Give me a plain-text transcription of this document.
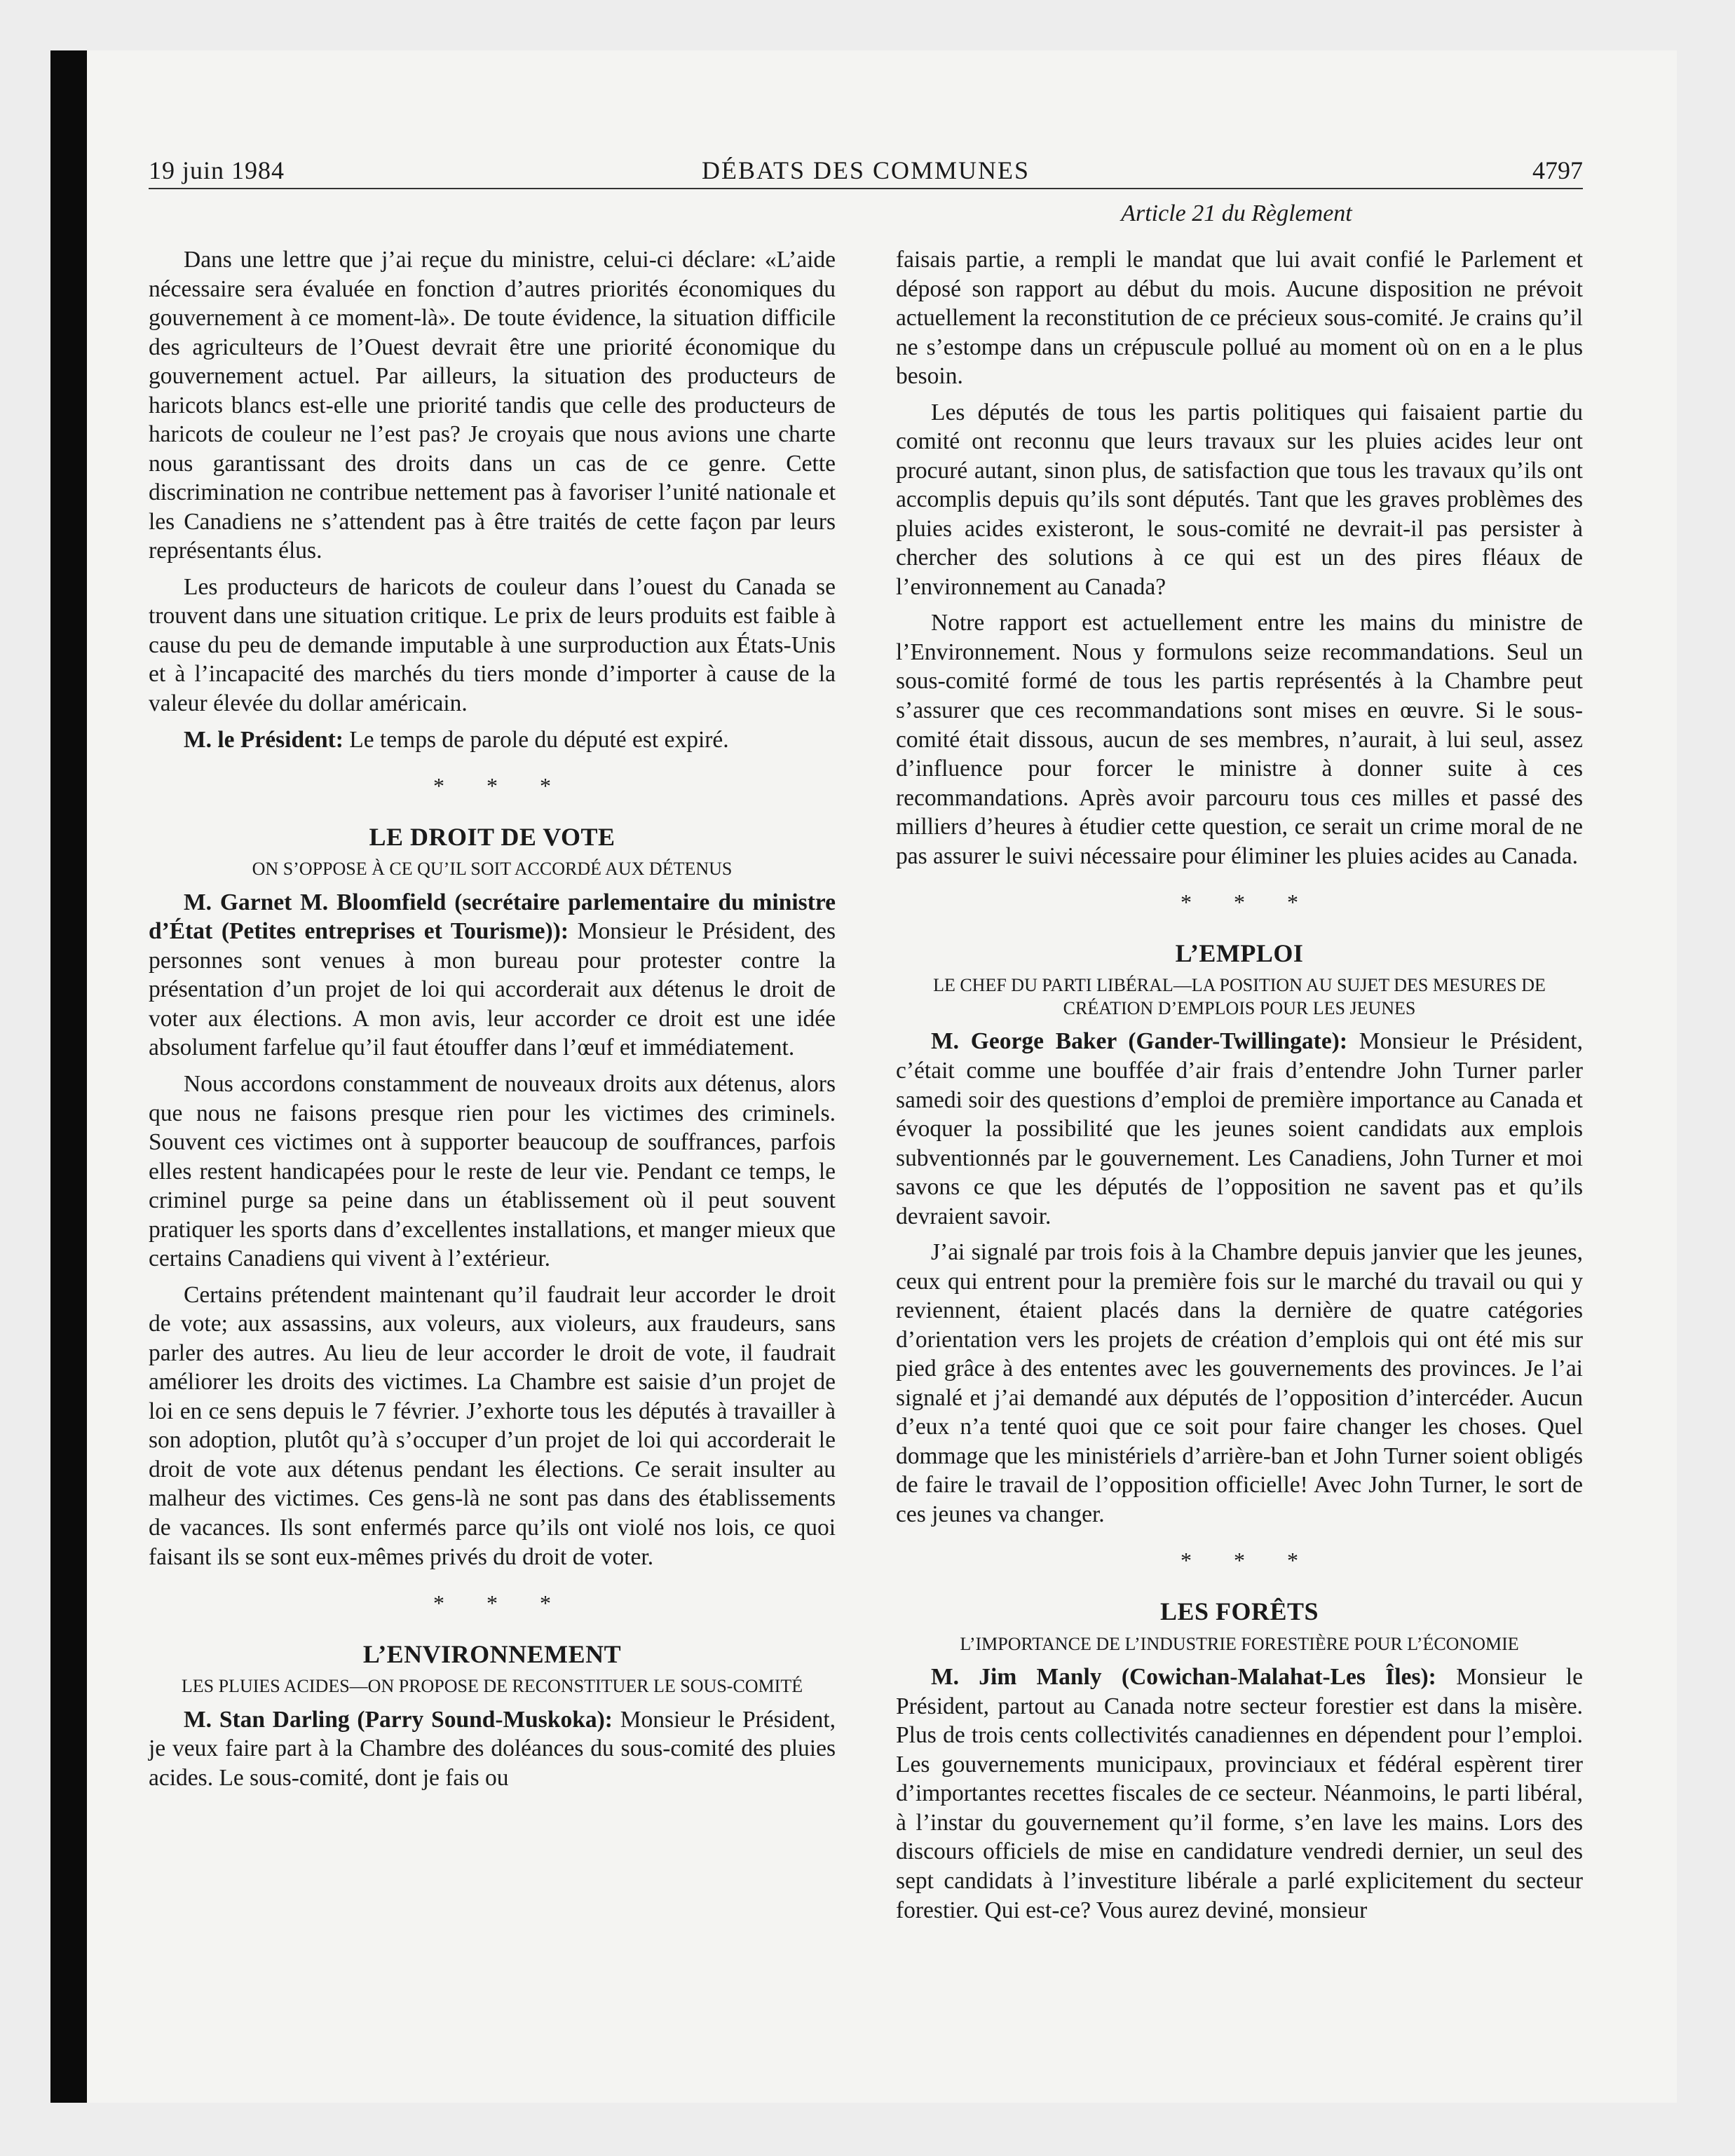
19 juin 1984	DÉBATS DES COMMUNES	4797
Article 21 du Règlement

Dans une lettre que j’ai reçue du ministre, celui-ci déclare: «L’aide nécessaire sera évaluée en fonction d’autres priorités économiques du gouvernement à ce moment-là». De toute évidence, la situation difficile des agriculteurs de l’Ouest devrait être une priorité économique du gouvernement actuel. Par ailleurs, la situation des producteurs de haricots blancs est-elle une priorité tandis que celle des producteurs de haricots de couleur ne l’est pas? Je croyais que nous avions une charte nous garantissant des droits dans un cas de ce genre. Cette discrimination ne contribue nettement pas à favoriser l’unité nationale et les Canadiens ne s’attendent pas à être traités de cette façon par leurs représentants élus.

Les producteurs de haricots de couleur dans l’ouest du Canada se trouvent dans une situation critique. Le prix de leurs produits est faible à cause du peu de demande imputable à une surproduction aux États-Unis et à l’incapacité des marchés du tiers monde d’importer à cause de la valeur élevée du dollar américain.

M. le Président: Le temps de parole du député est expiré.

* * *
LE DROIT DE VOTE
ON S’OPPOSE À CE QU’IL SOIT ACCORDÉ AUX DÉTENUS

M. Garnet M. Bloomfield (secrétaire parlementaire du ministre d’État (Petites entreprises et Tourisme)): Monsieur le Président, des personnes sont venues à mon bureau pour protester contre la présentation d’un projet de loi qui accorderait aux détenus le droit de voter aux élections. A mon avis, leur accorder ce droit est une idée absolument farfelue qu’il faut étouffer dans l’œuf et immédiatement.

Nous accordons constamment de nouveaux droits aux détenus, alors que nous ne faisons presque rien pour les victimes des criminels. Souvent ces victimes ont à supporter beaucoup de souffrances, parfois elles restent handicapées pour le reste de leur vie. Pendant ce temps, le criminel purge sa peine dans un établissement où il peut souvent pratiquer les sports dans d’excellentes installations, et manger mieux que certains Canadiens qui vivent à l’extérieur.

Certains prétendent maintenant qu’il faudrait leur accorder le droit de vote; aux assassins, aux voleurs, aux violeurs, aux fraudeurs, sans parler des autres. Au lieu de leur accorder le droit de vote, il faudrait améliorer les droits des victimes. La Chambre est saisie d’un projet de loi en ce sens depuis le 7 février. J’exhorte tous les députés à travailler à son adoption, plutôt qu’à s’occuper d’un projet de loi qui accorderait le droit de vote aux détenus pendant les élections. Ce serait insulter au malheur des victimes. Ces gens-là ne sont pas dans des établissements de vacances. Ils sont enfermés parce qu’ils ont violé nos lois, ce quoi faisant ils se sont eux-mêmes privés du droit de voter.

* * *
L’ENVIRONNEMENT
LES PLUIES ACIDES—ON PROPOSE DE RECONSTITUER LE SOUS-COMITÉ

M. Stan Darling (Parry Sound-Muskoka): Monsieur le Président, je veux faire part à la Chambre des doléances du sous-comité des pluies acides. Le sous-comité, dont je fais ou

faisais partie, a rempli le mandat que lui avait confié le Parlement et déposé son rapport au début du mois. Aucune disposition ne prévoit actuellement la reconstitution de ce précieux sous-comité. Je crains qu’il ne s’estompe dans un crépuscule pollué au moment où on en a le plus besoin.

Les députés de tous les partis politiques qui faisaient partie du comité ont reconnu que leurs travaux sur les pluies acides leur ont procuré autant, sinon plus, de satisfaction que tous les travaux qu’ils ont accomplis depuis qu’ils sont députés. Tant que les graves problèmes des pluies acides existeront, le sous-comité ne devrait-il pas persister à chercher des solutions à ce qui est un des pires fléaux de l’environnement au Canada?

Notre rapport est actuellement entre les mains du ministre de l’Environnement. Nous y formulons seize recommandations. Seul un sous-comité formé de tous les partis représentés à la Chambre peut s’assurer que ces recommandations sont mises en œuvre. Si le sous-comité était dissous, aucun de ses membres, n’aurait, à lui seul, assez d’influence pour forcer le ministre à donner suite à ces recommandations. Après avoir parcouru tous ces milles et passé des milliers d’heures à étudier cette question, ce serait un crime moral de ne pas assurer le suivi nécessaire pour éliminer les pluies acides au Canada.

* * *
L’EMPLOI
LE CHEF DU PARTI LIBÉRAL—LA POSITION AU SUJET DES MESURES DE CRÉATION D’EMPLOIS POUR LES JEUNES

M. George Baker (Gander-Twillingate): Monsieur le Président, c’était comme une bouffée d’air frais d’entendre John Turner parler samedi soir des questions d’emploi de première importance au Canada et évoquer la possibilité que les jeunes soient candidats aux emplois subventionnés par le gouvernement. Les Canadiens, John Turner et moi savons ce que les députés de l’opposition ne savent pas et qu’ils devraient savoir.

J’ai signalé par trois fois à la Chambre depuis janvier que les jeunes, ceux qui entrent pour la première fois sur le marché du travail ou qui y reviennent, étaient placés dans la dernière de quatre catégories d’orientation vers les projets de création d’emplois qui ont été mis sur pied grâce à des ententes avec les gouvernements des provinces. Je l’ai signalé et j’ai demandé aux députés de l’opposition d’intercéder. Aucun d’eux n’a tenté quoi que ce soit pour faire changer les choses. Quel dommage que les ministériels d’arrière-ban et John Turner soient obligés de faire le travail de l’opposition officielle! Avec John Turner, le sort de ces jeunes va changer.

* * *
LES FORÊTS
L’IMPORTANCE DE L’INDUSTRIE FORESTIÈRE POUR L’ÉCONOMIE

M. Jim Manly (Cowichan-Malahat-Les Îles): Monsieur le Président, partout au Canada notre secteur forestier est dans la misère. Plus de trois cents collectivités canadiennes en dépendent pour l’emploi. Les gouvernements municipaux, provinciaux et fédéral espèrent tirer d’importantes recettes fiscales de ce secteur. Néanmoins, le parti libéral, à l’instar du gouvernement qu’il forme, s’en lave les mains. Lors des discours officiels de mise en candidature vendredi dernier, un seul des sept candidats à l’investiture libérale a parlé explicitement du secteur forestier. Qui est-ce? Vous aurez deviné, monsieur
